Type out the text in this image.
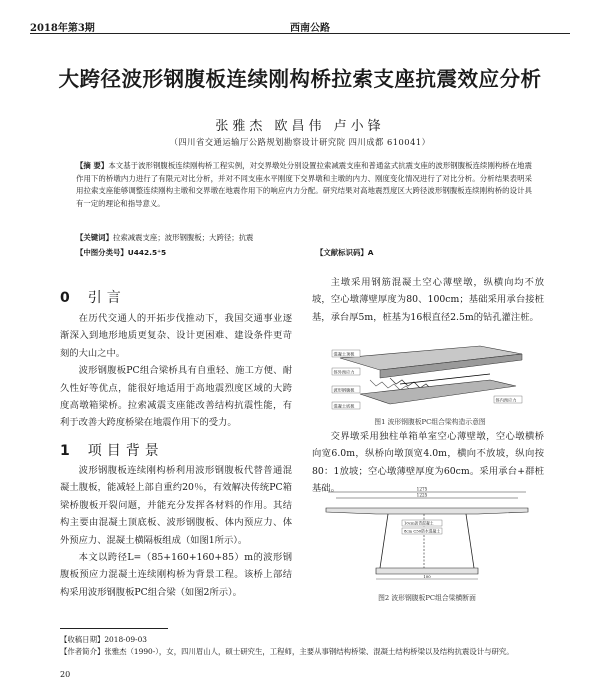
2018年第3期	西南公路
大跨径波形钢腹板连续刚构桥拉索支座抗震效应分析
张雅杰 欧昌伟 卢小锋
（四川省交通运输厅公路规划勘察设计研究院 四川成都 610041）
【摘 要】本文基于波形钢腹板连续刚构桥工程实例，对交界墩处分别设置拉索减震支座和普通盆式抗震支座的波形钢腹板连续刚构桥在地震作用下的桥墩内力进行了有限元对比分析，并对不同支座水平刚度下交界墩和主墩的内力、刚度变化情况进行了对比分析。分析结果表明采用拉索支座能够调整连续刚构主墩和交界墩在地震作用下的响应内力分配。研究结果对高地震烈度区大跨径波形钢腹板连续刚构桥的设计具有一定的理论和指导意义。
【关键词】拉索减震支座；波形钢腹板；大跨径；抗震
【中图分类号】U442.5⁺5	【文献标识码】A
0 引言

在历代交通人的开拓步伐推动下，我国交通事业逐渐深入到地形地质更复杂、设计更困难、建设条件更苛刻的大山之中。

波形钢腹板PC组合梁桥具有自重轻、施工方便、耐久性好等优点，能很好地适用于高地震烈度区域的大跨度高墩箱梁桥。拉索减震支座能改善结构抗震性能，有利于改善大跨度桥梁在地震作用下的受力。

1 项目背景

波形钢腹板连续刚构桥利用波形钢腹板代替普通混凝土腹板，能减轻上部自重约20％，有效解决传统PC箱梁桥腹板开裂问题，并能充分发挥各材料的作用。其结构主要由混凝土顶底板、波形钢腹板、体内预应力、体外预应力、混凝土横隔板组成（如图1所示）。

本文以跨径L=（85+160+160+85）m的波形钢腹板预应力混凝土连续刚构桥为背景工程。该桥上部结构采用波形钢腹板PC组合梁（如图2所示）。

主墩采用钢筋混凝土空心薄壁墩，纵横向均不放坡，空心墩薄壁厚度为80、100cm；基础采用承台接桩基，承台厚5m，桩基为16根直径2.5m的钻孔灌注桩。

混凝土顶板
体外预应力
波形钢腹板
混凝土底板
体内预应力
图1 波形钢腹板PC组合梁构造示意图

交界墩采用独柱单箱单室空心薄壁墩，空心墩横桥向宽6.0m，纵桥向墩顶宽4.0m，横向不放坡，纵向按80：1放坡；空心墩薄壁厚度为60cm。采用承台+群桩基础。	1275
1225
10cm沥青混凝土
8cm C50防水混凝土
100
图2 波形钢腹板PC组合梁横断面
【收稿日期】2018-09-03
【作者简介】张雅杰（1990-），女，四川眉山人，硕士研究生，工程师，主要从事钢结构桥梁、混凝土结构桥梁以及结构抗震设计与研究。
20
